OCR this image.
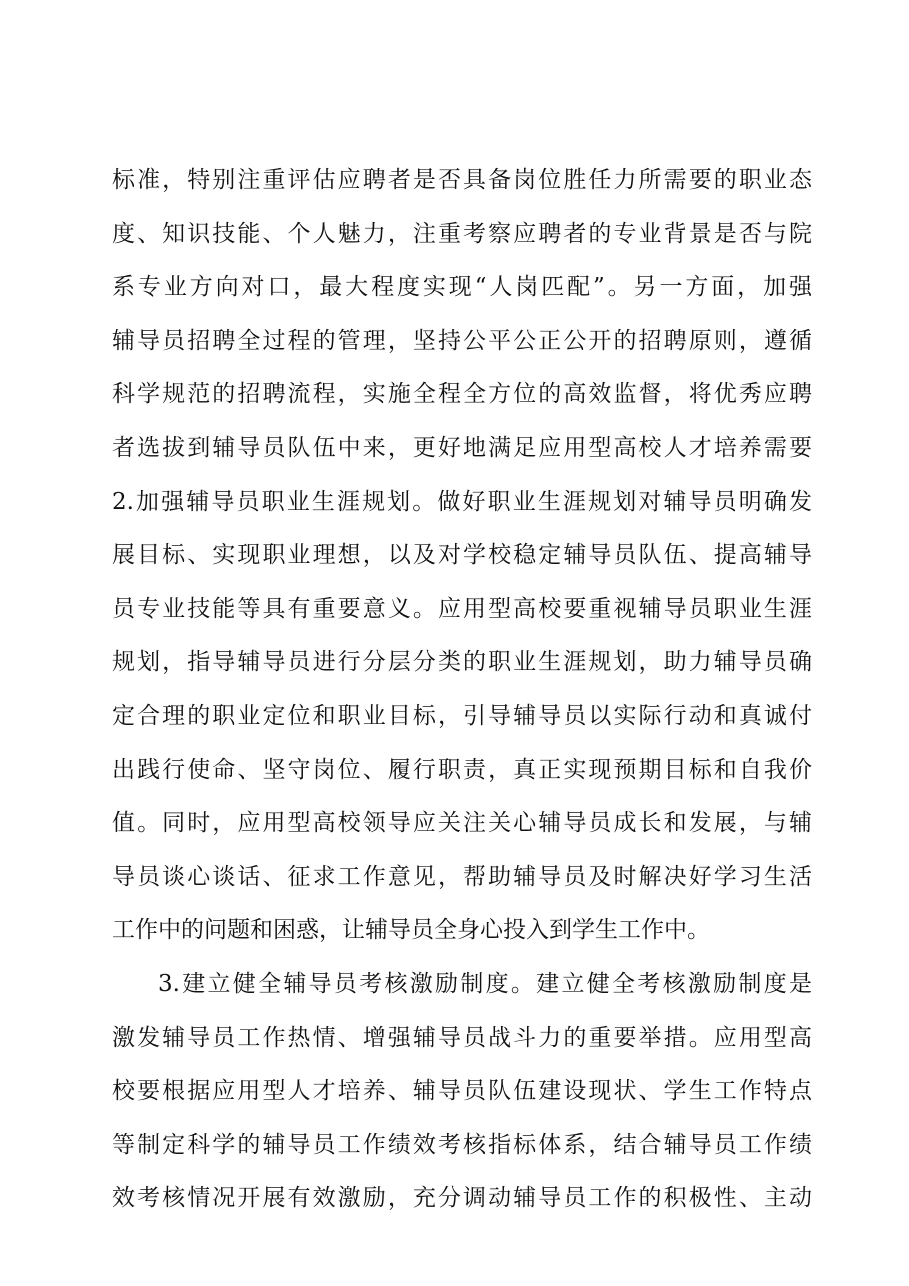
标准，特别注重评估应聘者是否具备岗位胜任力所需要的职业态
度、知识技能、个人魅力，注重考察应聘者的专业背景是否与院
系专业方向对口，最大程度实现“人岗匹配”。另一方面，加强
辅导员招聘全过程的管理，坚持公平公正公开的招聘原则，遵循
科学规范的招聘流程，实施全程全方位的高效监督，将优秀应聘
者选拔到辅导员队伍中来，更好地满足应用型高校人才培养需要
2.加强辅导员职业生涯规划。做好职业生涯规划对辅导员明确发
展目标、实现职业理想，以及对学校稳定辅导员队伍、提高辅导
员专业技能等具有重要意义。应用型高校要重视辅导员职业生涯
规划，指导辅导员进行分层分类的职业生涯规划，助力辅导员确
定合理的职业定位和职业目标，引导辅导员以实际行动和真诚付
出践行使命、坚守岗位、履行职责，真正实现预期目标和自我价
值。同时，应用型高校领导应关注关心辅导员成长和发展，与辅
导员谈心谈话、征求工作意见，帮助辅导员及时解决好学习生活
工作中的问题和困惑，让辅导员全身心投入到学生工作中。
3.建立健全辅导员考核激励制度。建立健全考核激励制度是
激发辅导员工作热情、增强辅导员战斗力的重要举措。应用型高
校要根据应用型人才培养、辅导员队伍建设现状、学生工作特点
等制定科学的辅导员工作绩效考核指标体系，结合辅导员工作绩
效考核情况开展有效激励，充分调动辅导员工作的积极性、主动
